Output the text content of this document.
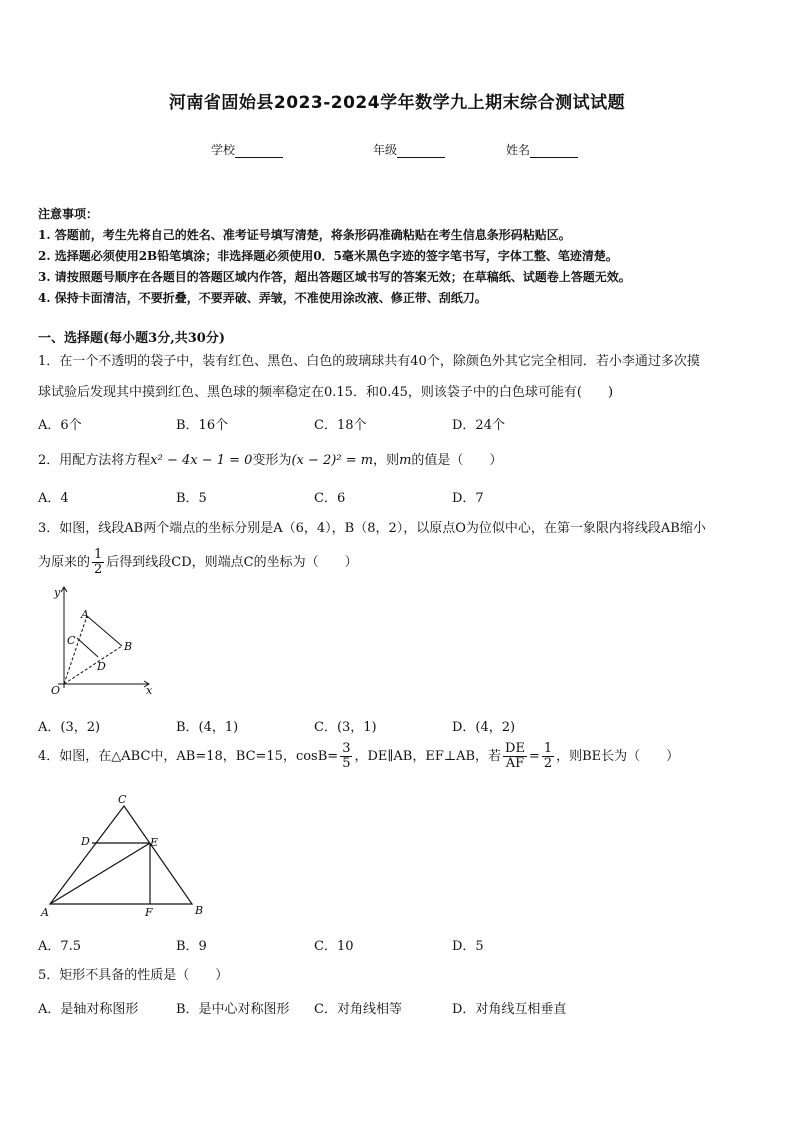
河南省固始县2023-2024学年数学九上期末综合测试试题
学校	年级	姓名
注意事项：
1. 答题前，考生先将自己的姓名、准考证号填写清楚，将条形码准确粘贴在考生信息条形码粘贴区。
2. 选择题必须使用2B铅笔填涂；非选择题必须使用0．5毫米黑色字迹的签字笔书写，字体工整、笔迹清楚。
3. 请按照题号顺序在各题目的答题区域内作答，超出答题区域书写的答案无效；在草稿纸、试题卷上答题无效。
4. 保持卡面清洁，不要折叠，不要弄破、弄皱，不准使用涂改液、修正带、刮纸刀。
一、选择题(每小题3分,共30分)
1．在一个不透明的袋子中，装有红色、黑色、白色的玻璃球共有40个，除颜色外其它完全相同．若小李通过多次摸
球试验后发现其中摸到红色、黑色球的频率稳定在0.15．和0.45，则该袋子中的白色球可能有(　　)
A．6个	B．16个	C．18个	D．24个
2．用配方法将方程x² − 4x − 1 = 0变形为(x − 2)² = m，则m的值是（　　）
A．4	B．5	C．6	D．7
3．如图，线段AB两个端点的坐标分别是A（6，4），B（8，2），以原点O为位似中心，在第一象限内将线段AB缩小
为原来的 $\frac{1}{2}$ 后得到线段CD，则端点C的坐标为（　　）
y
x
O
A
B
C
D
A．(3，2)	B．(4，1)	C．(3，1)	D．(4，2)
4．如图，在△ABC中，AB=18，BC=15，$\cos B= \frac{3}{5}$ ，DE∥AB，EF⊥AB，若 $\frac{DE}{AF} = \frac{1}{2}$ ，则BE长为（　　）
A	B
C
D	E
F
A．7.5	B．9	C．10	D．5
5．矩形不具备的性质是（　　）
A．是轴对称图形	B．是中心对称图形 C．对角线相等	D．对角线互相垂直
